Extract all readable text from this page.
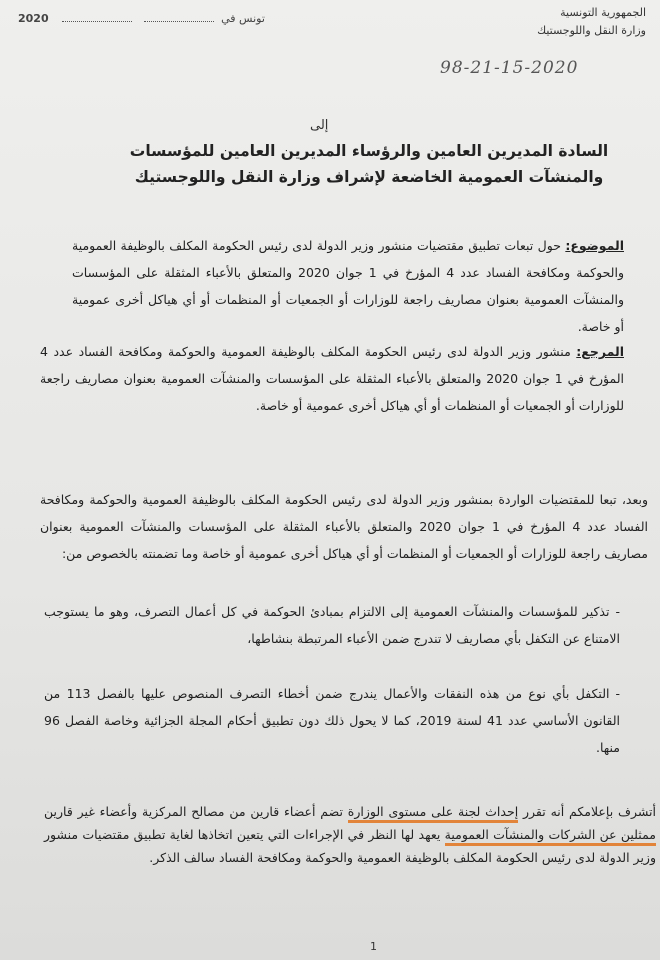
الجمهورية التونسية
وزارة النقل واللوجستيك
2020	تونس في
98-21-15-2020
إلى
السادة المديرين العامين والرؤساء المديرين العامين للمؤسسات
والمنشآت العمومية الخاضعة لإشراف وزارة النقل واللوجستيك
الموضوع: حول تبعات تطبيق مقتضيات منشور وزير الدولة لدى رئيس الحكومة المكلف بالوظيفة العمومية والحوكمة ومكافحة الفساد عدد 4 المؤرخ في 1 جوان 2020 والمتعلق بالأعباء المثقلة على المؤسسات والمنشآت العمومية بعنوان مصاريف راجعة للوزارات أو الجمعيات أو المنظمات أو أي هياكل أخرى عمومية أو خاصة.
المرجع: منشور وزير الدولة لدى رئيس الحكومة المكلف بالوظيفة العمومية والحوكمة ومكافحة الفساد عدد 4 المؤرخ في 1 جوان 2020 والمتعلق بالأعباء المثقلة على المؤسسات والمنشآت العمومية بعنوان مصاريف راجعة للوزارات أو الجمعيات أو المنظمات أو أي هياكل أخرى عمومية أو خاصة.
وبعد، تبعا للمقتضيات الواردة بمنشور وزير الدولة لدى رئيس الحكومة المكلف بالوظيفة العمومية والحوكمة ومكافحة الفساد عدد 4 المؤرخ في 1 جوان 2020 والمتعلق بالأعباء المثقلة على المؤسسات والمنشآت العمومية بعنوان مصاريف راجعة للوزارات أو الجمعيات أو المنظمات أو أي هياكل أخرى عمومية أو خاصة وما تضمنته بالخصوص من:
-تذكير للمؤسسات والمنشآت العمومية إلى الالتزام بمبادئ الحوكمة في كل أعمال التصرف، وهو ما يستوجب الامتناع عن التكفل بأي مصاريف لا تندرج ضمن الأعباء المرتبطة بنشاطها،
-التكفل بأي نوع من هذه النفقات والأعمال يندرج ضمن أخطاء التصرف المنصوص عليها بالفصل 113 من القانون الأساسي عدد 41 لسنة 2019، كما لا يحول ذلك دون تطبيق أحكام المجلة الجزائية وخاصة الفصل 96 منها.
أتشرف بإعلامكم أنه تقرر إحداث لجنة على مستوى الوزارة تضم أعضاء قارين من مصالح المركزية وأعضاء غير قارين ممثلين عن الشركات والمنشآت العمومية يعهد لها النظر في الإجراءات التي يتعين اتخاذها لغاية تطبيق مقتضيات منشور وزير الدولة لدى رئيس الحكومة المكلف بالوظيفة العمومية والحوكمة ومكافحة الفساد سالف الذكر.
1
